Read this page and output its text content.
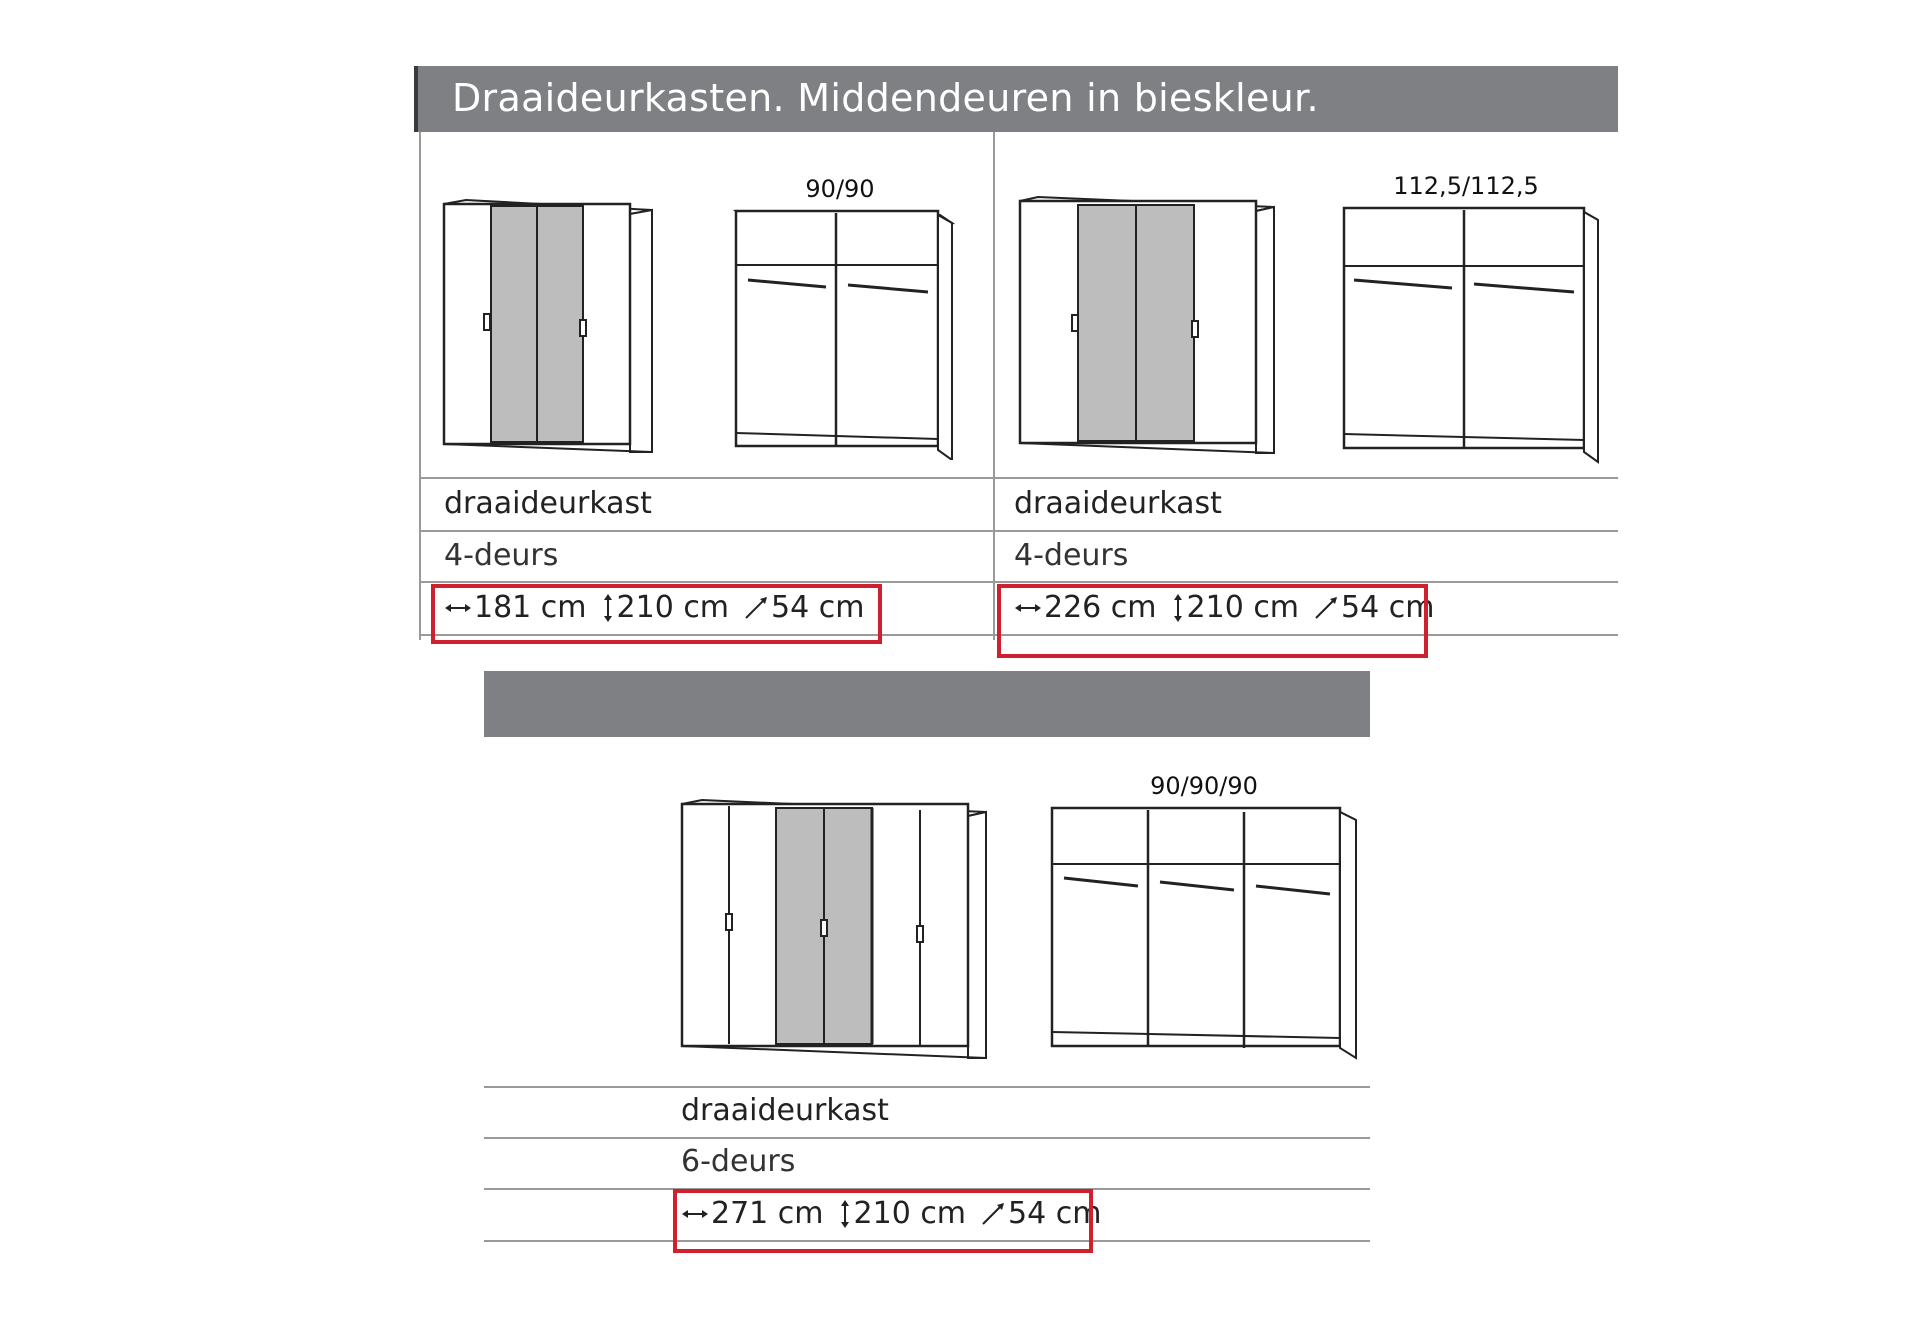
Draaideurkasten. Middendeuren in bieskleur.
90/90	112,5/112,5
draaideurkast
4-deurs
181 cm 210 cm 54 cm
draaideurkast
4-deurs
226 cm 210 cm 54 cm
90/90/90
draaideurkast
6-deurs
271 cm 210 cm 54 cm
